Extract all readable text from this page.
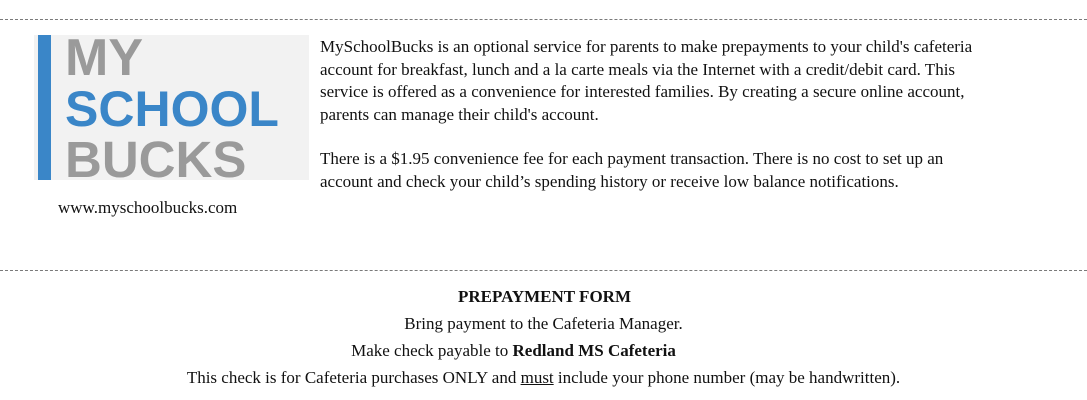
MY
SCHOOL
BUCKS
www.myschoolbucks.com

MySchoolBucks is an optional service for parents to make prepayments to your child's cafeteria account for breakfast, lunch and a la carte meals via the Internet with a credit/debit card. This service is offered as a convenience for interested families. By creating a secure online account, parents can manage their child's account.

There is a $1.95 convenience fee for each payment transaction. There is no cost to set up an account and check your child’s spending history or receive low balance notifications.

PREPAYMENT FORM
Bring payment to the Cafeteria Manager.
Make check payable to Redland MS Cafeteria
This check is for Cafeteria purchases ONLY and must include your phone number (may be handwritten).
